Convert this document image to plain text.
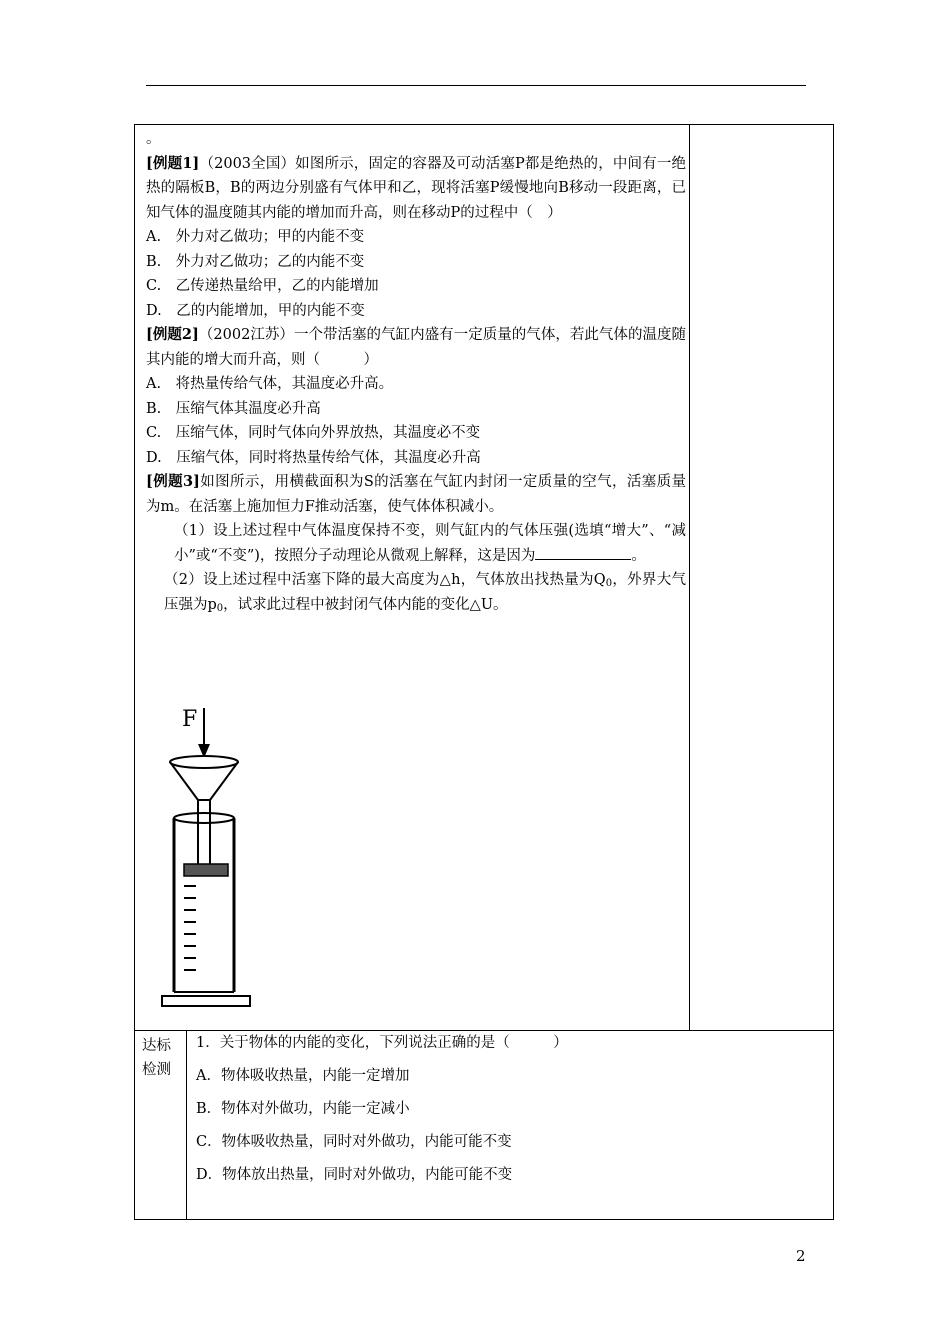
。

[例题1]（2003全国）如图所示，固定的容器及可动活塞P都是绝热的，中间有一绝热的隔板B，B的两边分别盛有气体甲和乙，现将活塞P缓慢地向B移动一段距离，已知气体的温度随其内能的增加而升高，则在移动P的过程中（　）

A.　外力对乙做功；甲的内能不变

B.　外力对乙做功；乙的内能不变

C.　乙传递热量给甲，乙的内能增加

D.　乙的内能增加，甲的内能不变

[例题2]（2002江苏）一个带活塞的气缸内盛有一定质量的气体，若此气体的温度随其内能的增大而升高，则（　　　）

A.　将热量传给气体，其温度必升高。

B.　压缩气体其温度必升高

C.　压缩气体，同时气体向外界放热，其温度必不变

D.　压缩气体，同时将热量传给气体，其温度必升高

[例题3]如图所示，用横截面积为S的活塞在气缸内封闭一定质量的空气，活塞质量为m。在活塞上施加恒力F推动活塞，使气体体积减小。

（1）设上述过程中气体温度保持不变，则气缸内的气体压强(选填“增大”、“减小”或“不变”)，按照分子动理论从微观上解释，这是因为	。

（2）设上述过程中活塞下降的最大高度为△h，气体放出找热量为$Q_0$，外界大气压强为$p_0$，试求此过程中被封闭气体内能的变化△U。

F
达标
检测

1．关于物体的内能的变化，下列说法正确的是（　　　）

A．物体吸收热量，内能一定增加

B．物体对外做功，内能一定减小

C．物体吸收热量，同时对外做功，内能可能不变

D．物体放出热量，同时对外做功，内能可能不变

2
